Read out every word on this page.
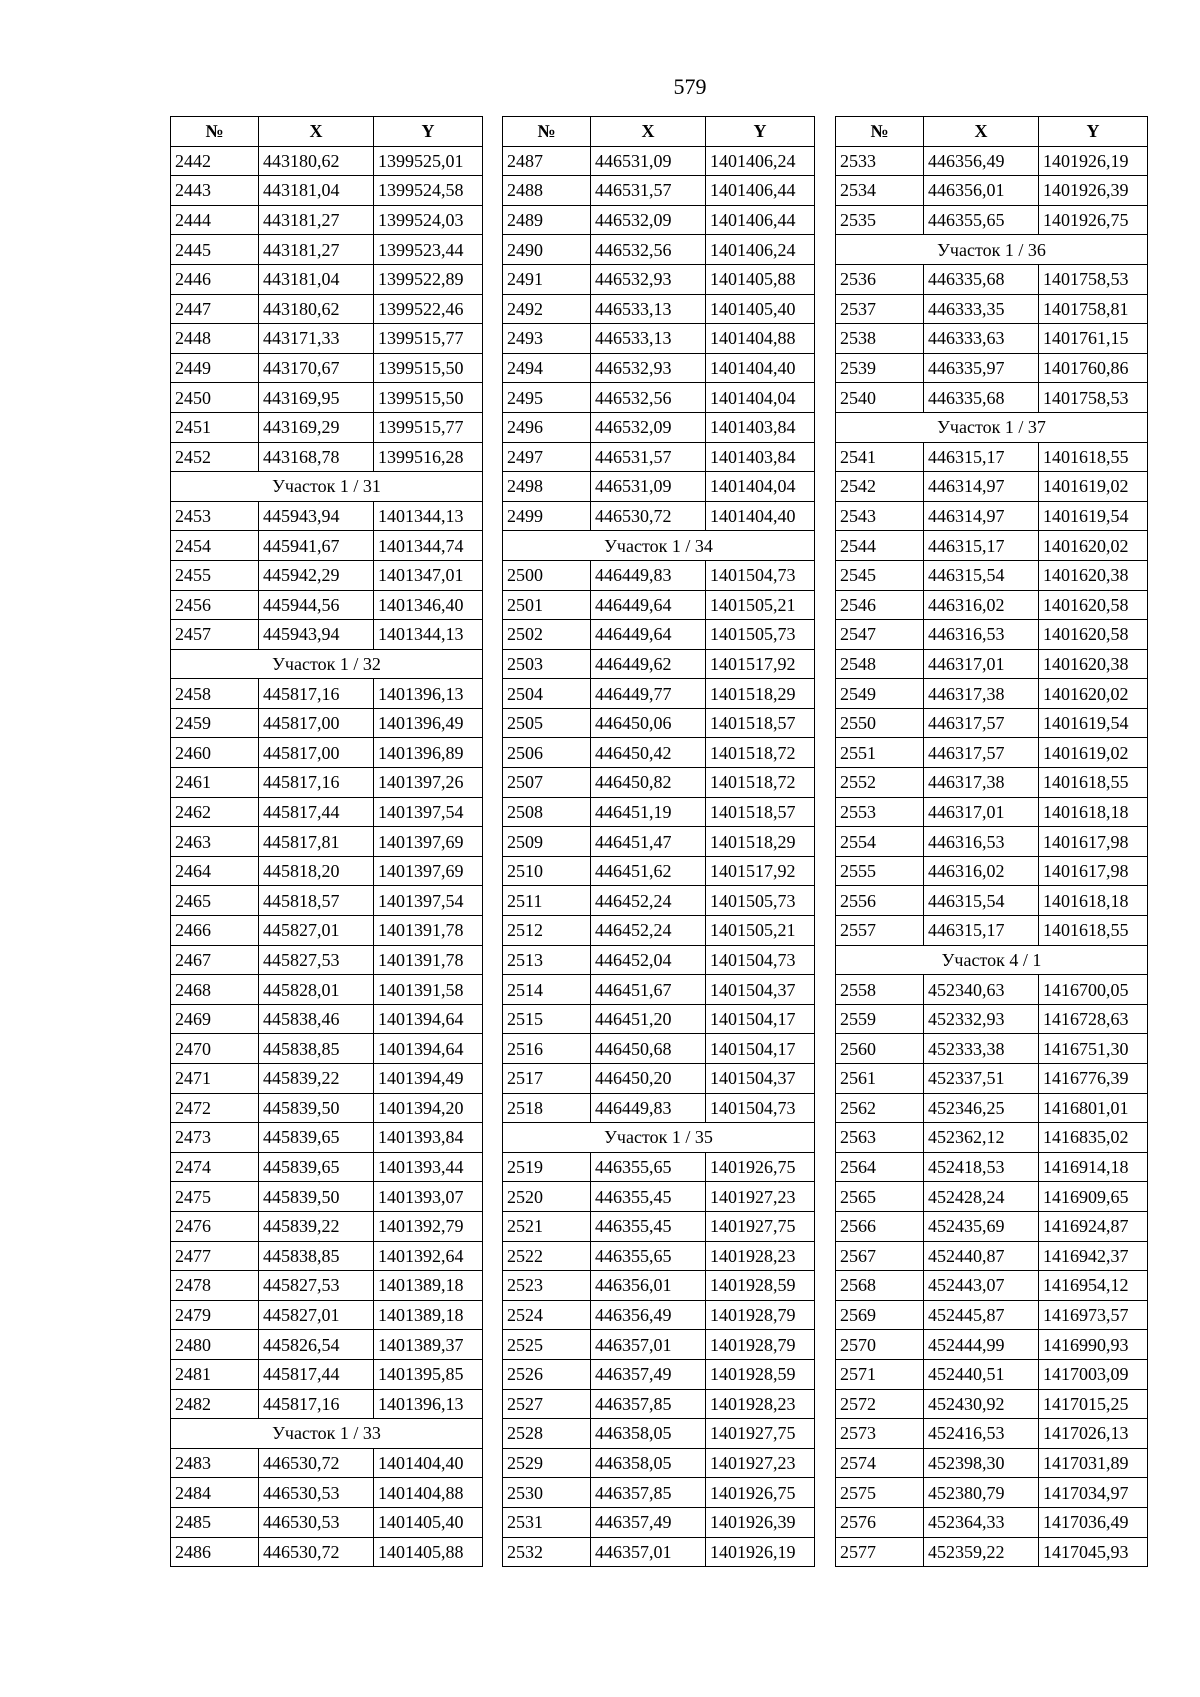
579
№	X	Y
2442	443180,62	1399525,01
2443	443181,04	1399524,58
2444	443181,27	1399524,03
2445	443181,27	1399523,44
2446	443181,04	1399522,89
2447	443180,62	1399522,46
2448	443171,33	1399515,77
2449	443170,67	1399515,50
2450	443169,95	1399515,50
2451	443169,29	1399515,77
2452	443168,78	1399516,28
Участок 1 / 31		
2453	445943,94	1401344,13
2454	445941,67	1401344,74
2455	445942,29	1401347,01
2456	445944,56	1401346,40
2457	445943,94	1401344,13
Участок 1 / 32		
2458	445817,16	1401396,13
2459	445817,00	1401396,49
2460	445817,00	1401396,89
2461	445817,16	1401397,26
2462	445817,44	1401397,54
2463	445817,81	1401397,69
2464	445818,20	1401397,69
2465	445818,57	1401397,54
2466	445827,01	1401391,78
2467	445827,53	1401391,78
2468	445828,01	1401391,58
2469	445838,46	1401394,64
2470	445838,85	1401394,64
2471	445839,22	1401394,49
2472	445839,50	1401394,20
2473	445839,65	1401393,84
2474	445839,65	1401393,44
2475	445839,50	1401393,07
2476	445839,22	1401392,79
2477	445838,85	1401392,64
2478	445827,53	1401389,18
2479	445827,01	1401389,18
2480	445826,54	1401389,37
2481	445817,44	1401395,85
2482	445817,16	1401396,13
Участок 1 / 33		
2483	446530,72	1401404,40
2484	446530,53	1401404,88
2485	446530,53	1401405,40
2486	446530,72	1401405,88
№	X	Y
2487	446531,09	1401406,24
2488	446531,57	1401406,44
2489	446532,09	1401406,44
2490	446532,56	1401406,24
2491	446532,93	1401405,88
2492	446533,13	1401405,40
2493	446533,13	1401404,88
2494	446532,93	1401404,40
2495	446532,56	1401404,04
2496	446532,09	1401403,84
2497	446531,57	1401403,84
2498	446531,09	1401404,04
2499	446530,72	1401404,40
Участок 1 / 34		
2500	446449,83	1401504,73
2501	446449,64	1401505,21
2502	446449,64	1401505,73
2503	446449,62	1401517,92
2504	446449,77	1401518,29
2505	446450,06	1401518,57
2506	446450,42	1401518,72
2507	446450,82	1401518,72
2508	446451,19	1401518,57
2509	446451,47	1401518,29
2510	446451,62	1401517,92
2511	446452,24	1401505,73
2512	446452,24	1401505,21
2513	446452,04	1401504,73
2514	446451,67	1401504,37
2515	446451,20	1401504,17
2516	446450,68	1401504,17
2517	446450,20	1401504,37
2518	446449,83	1401504,73
Участок 1 / 35		
2519	446355,65	1401926,75
2520	446355,45	1401927,23
2521	446355,45	1401927,75
2522	446355,65	1401928,23
2523	446356,01	1401928,59
2524	446356,49	1401928,79
2525	446357,01	1401928,79
2526	446357,49	1401928,59
2527	446357,85	1401928,23
2528	446358,05	1401927,75
2529	446358,05	1401927,23
2530	446357,85	1401926,75
2531	446357,49	1401926,39
2532	446357,01	1401926,19
№	X	Y
2533	446356,49	1401926,19
2534	446356,01	1401926,39
2535	446355,65	1401926,75
Участок 1 / 36		
2536	446335,68	1401758,53
2537	446333,35	1401758,81
2538	446333,63	1401761,15
2539	446335,97	1401760,86
2540	446335,68	1401758,53
Участок 1 / 37		
2541	446315,17	1401618,55
2542	446314,97	1401619,02
2543	446314,97	1401619,54
2544	446315,17	1401620,02
2545	446315,54	1401620,38
2546	446316,02	1401620,58
2547	446316,53	1401620,58
2548	446317,01	1401620,38
2549	446317,38	1401620,02
2550	446317,57	1401619,54
2551	446317,57	1401619,02
2552	446317,38	1401618,55
2553	446317,01	1401618,18
2554	446316,53	1401617,98
2555	446316,02	1401617,98
2556	446315,54	1401618,18
2557	446315,17	1401618,55
Участок 4 / 1		
2558	452340,63	1416700,05
2559	452332,93	1416728,63
2560	452333,38	1416751,30
2561	452337,51	1416776,39
2562	452346,25	1416801,01
2563	452362,12	1416835,02
2564	452418,53	1416914,18
2565	452428,24	1416909,65
2566	452435,69	1416924,87
2567	452440,87	1416942,37
2568	452443,07	1416954,12
2569	452445,87	1416973,57
2570	452444,99	1416990,93
2571	452440,51	1417003,09
2572	452430,92	1417015,25
2573	452416,53	1417026,13
2574	452398,30	1417031,89
2575	452380,79	1417034,97
2576	452364,33	1417036,49
2577	452359,22	1417045,93
